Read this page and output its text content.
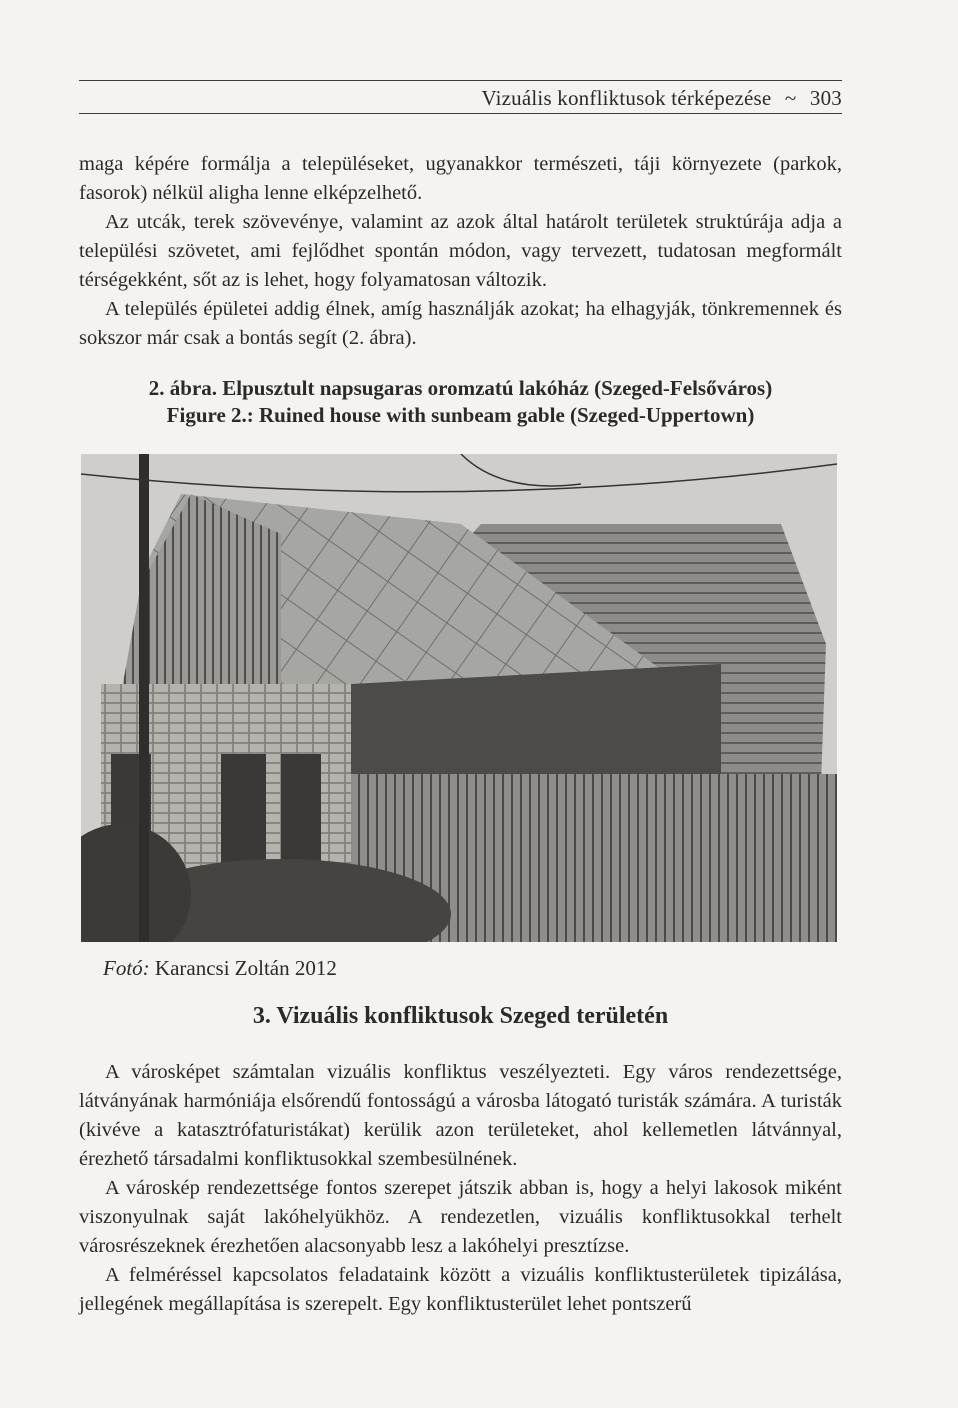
Vizuális konfliktusok térképezése ~ 303

maga képére formálja a településeket, ugyanakkor természeti, táji környezete (parkok, fasorok) nélkül aligha lenne elképzelhető.

Az utcák, terek szövevénye, valamint az azok által határolt területek struktúrája adja a települési szövetet, ami fejlődhet spontán módon, vagy tervezett, tudatosan megformált térségekként, sőt az is lehet, hogy folyamatosan változik.

A település épületei addig élnek, amíg használják azokat; ha elhagyják, tönkremennek és sokszor már csak a bontás segít (2. ábra).

2. ábra. Elpusztult napsugaras oromzatú lakóház (Szeged-Felsőváros)
Figure 2.: Ruined house with sunbeam gable (Szeged-Uppertown)
Fotó: Karancsi Zoltán 2012
3. Vizuális konfliktusok Szeged területén

A városképet számtalan vizuális konfliktus veszélyezteti. Egy város rendezettsége, látványának harmóniája elsőrendű fontosságú a városba látogató turisták számára. A turisták (kivéve a katasztrófaturistákat) kerülik azon területeket, ahol kellemetlen látvánnyal, érezhető társadalmi konfliktusokkal szembesülnének.

A városkép rendezettsége fontos szerepet játszik abban is, hogy a helyi lakosok miként viszonyulnak saját lakóhelyükhöz. A rendezetlen, vizuális konfliktusokkal terhelt városrészeknek érezhetően alacsonyabb lesz a lakóhelyi presztízse.

A felméréssel kapcsolatos feladataink között a vizuális konfliktusterületek tipizálása, jellegének megállapítása is szerepelt. Egy konfliktusterület lehet pontszerű
